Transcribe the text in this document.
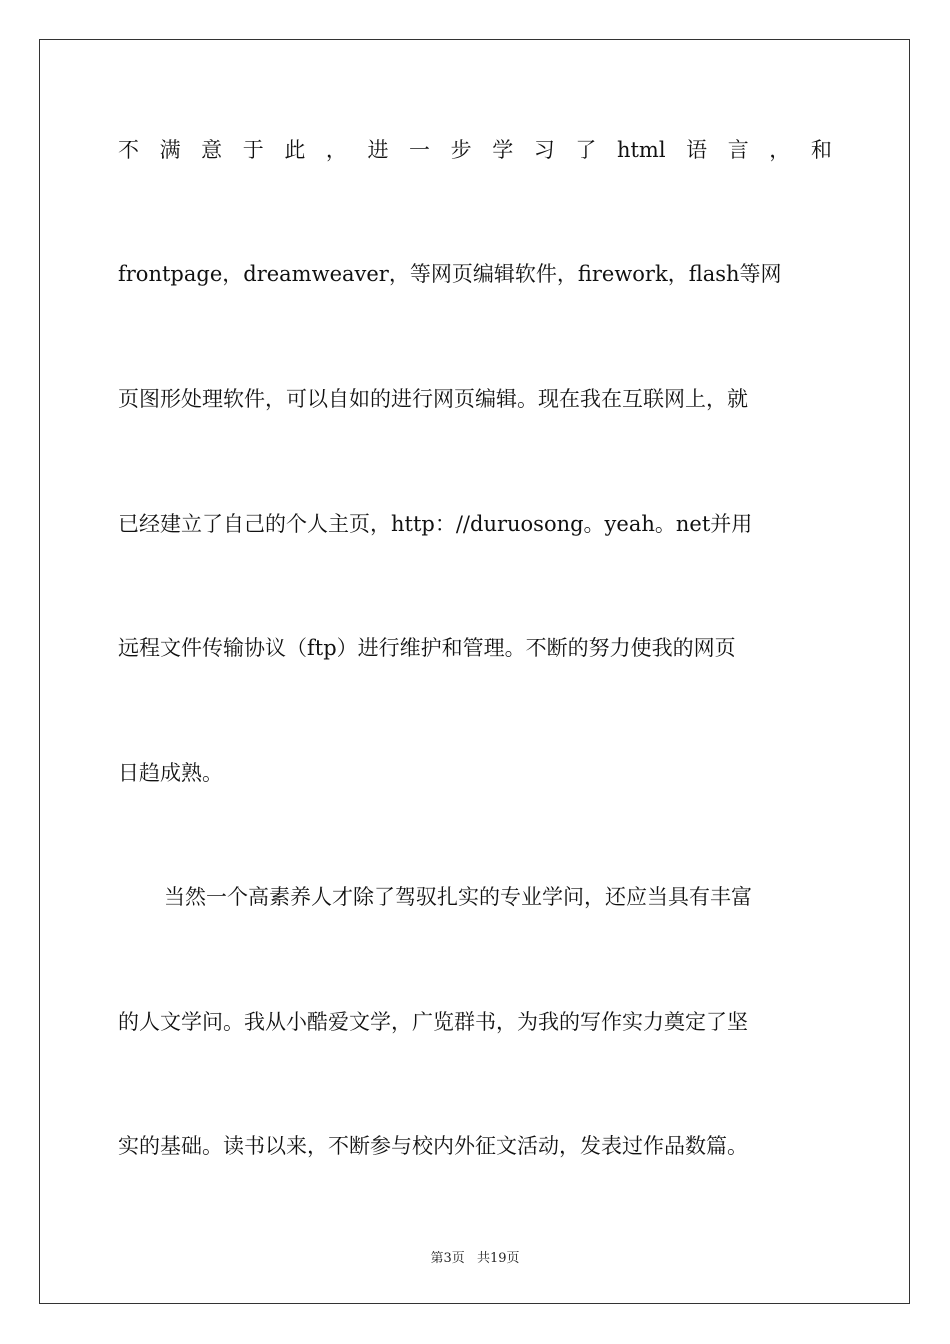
不 满 意 于 此 ， 进 一 步 学 习 了 html 语 言 ， 和
frontpage，dreamweaver，等网页编辑软件，firework，flash等网
页图形处理软件，可以自如的进行网页编辑。现在我在互联网上，就
已经建立了自己的个人主页，http：//duruosong。yeah。net并用
远程文件传输协议（ftp）进行维护和管理。不断的努力使我的网页
日趋成熟。
当然一个高素养人才除了驾驭扎实的专业学问，还应当具有丰富
的人文学问。我从小酷爱文学，广览群书，为我的写作实力奠定了坚
实的基础。读书以来，不断参与校内外征文活动，发表过作品数篇。
第3页 共19页
